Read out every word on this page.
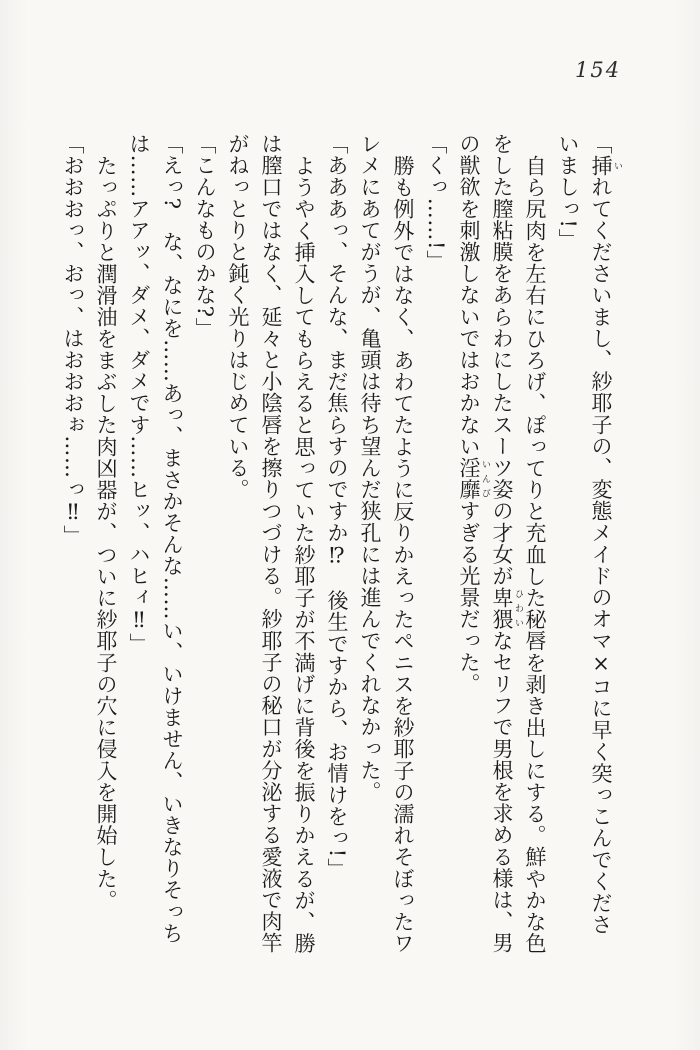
154

「挿 いれてくださいまし、紗耶子の、変態メイドのオマ×コに早く突っこんでくださいましっ!」

自ら尻肉を左右にひろげ、ぽってりと充血した秘唇を剥き出しにする。鮮やかな色をした膣粘膜をあらわにしたスーツ姿の才女が卑猥 ひわいなセリフで男根を求める様は、男の獣欲を刺激しないではおかない淫靡 いんびすぎる光景だった。

「くっ……!」

勝も例外ではなく、あわてたように反りかえったペニスを紗耶子の濡れそぼったワレメにあてがうが、亀頭は待ち望んだ狭孔には進んでくれなかった。

「あああっ、そんな、まだ焦らすのですか⁉　後生ですから、お情けをっ!」

ようやく挿入してもらえると思っていた紗耶子が不満げに背後を振りかえるが、勝は膣口ではなく、延々と小陰唇を擦りつづける。紗耶子の秘口が分泌する愛液で肉竿がねっとりと鈍く光りはじめている。

「こんなものかな?」

「えっ?　な、なにを……あっ、まさかそんな……い、いけません、いきなりそっちは……アアッ、ダメ、ダメです……ヒッ、ハヒィ‼」

たっぷりと潤滑油をまぶした肉凶器が、ついに紗耶子の穴に侵入を開始した。

「おおおっ、おっ、はおおおぉ……っ‼」
